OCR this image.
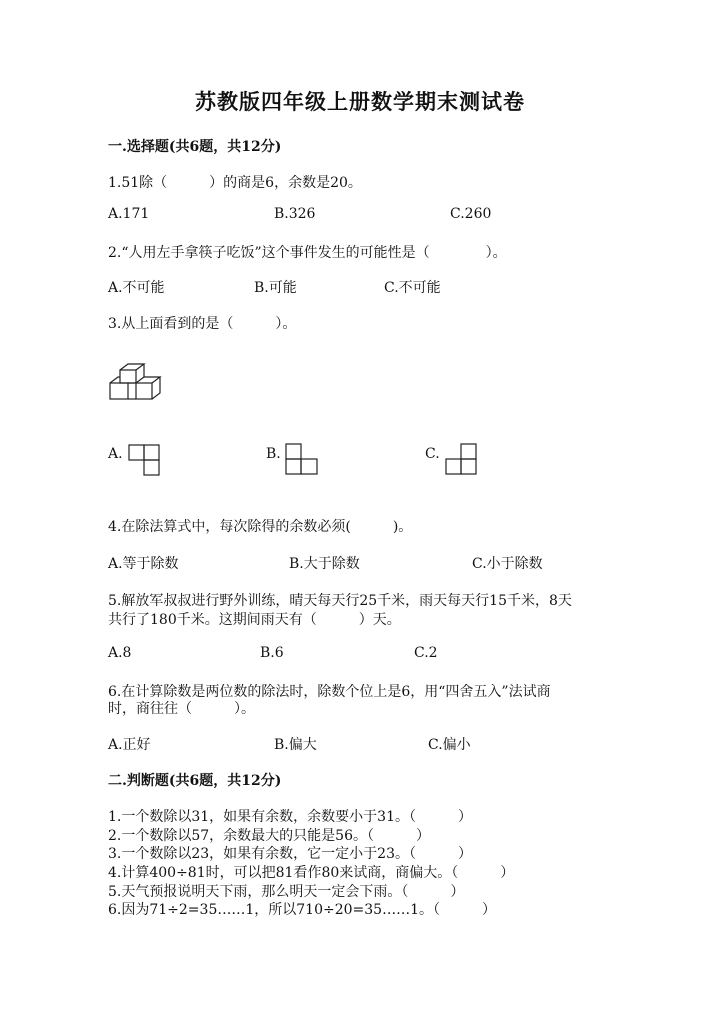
苏教版四年级上册数学期末测试卷
一.选择题(共6题，共12分)
1.51除（　　　）的商是6，余数是20。
A.171	B.326	C.260
2.“人用左手拿筷子吃饭”这个事件发生的可能性是（　　　　）。
A.不可能	B.可能	C.不可能
3.从上面看到的是（　　　）。
A.	B.	C.
4.在除法算式中，每次除得的余数必须(　　　)。
A.等于除数	B.大于除数	C.小于除数
5.解放军叔叔进行野外训练，晴天每天行25千米，雨天每天行15千米，8天
共行了180千米。这期间雨天有（　　　）天。
A.8	B.6	C.2
6.在计算除数是两位数的除法时，除数个位上是6，用“四舍五入”法试商
时，商往往（　　　）。
A.正好	B.偏大	C.偏小
二.判断题(共6题，共12分)
1.一个数除以31，如果有余数，余数要小于31。（　　　）
2.一个数除以57，余数最大的只能是56。（　　　）
3.一个数除以23，如果有余数，它一定小于23。（　　　）
4.计算400÷81时，可以把81看作80来试商，商偏大。（　　　）
5.天气预报说明天下雨，那么明天一定会下雨。（　　　）
6.因为71÷2=35……1，所以710÷20=35……1。（　　　）
